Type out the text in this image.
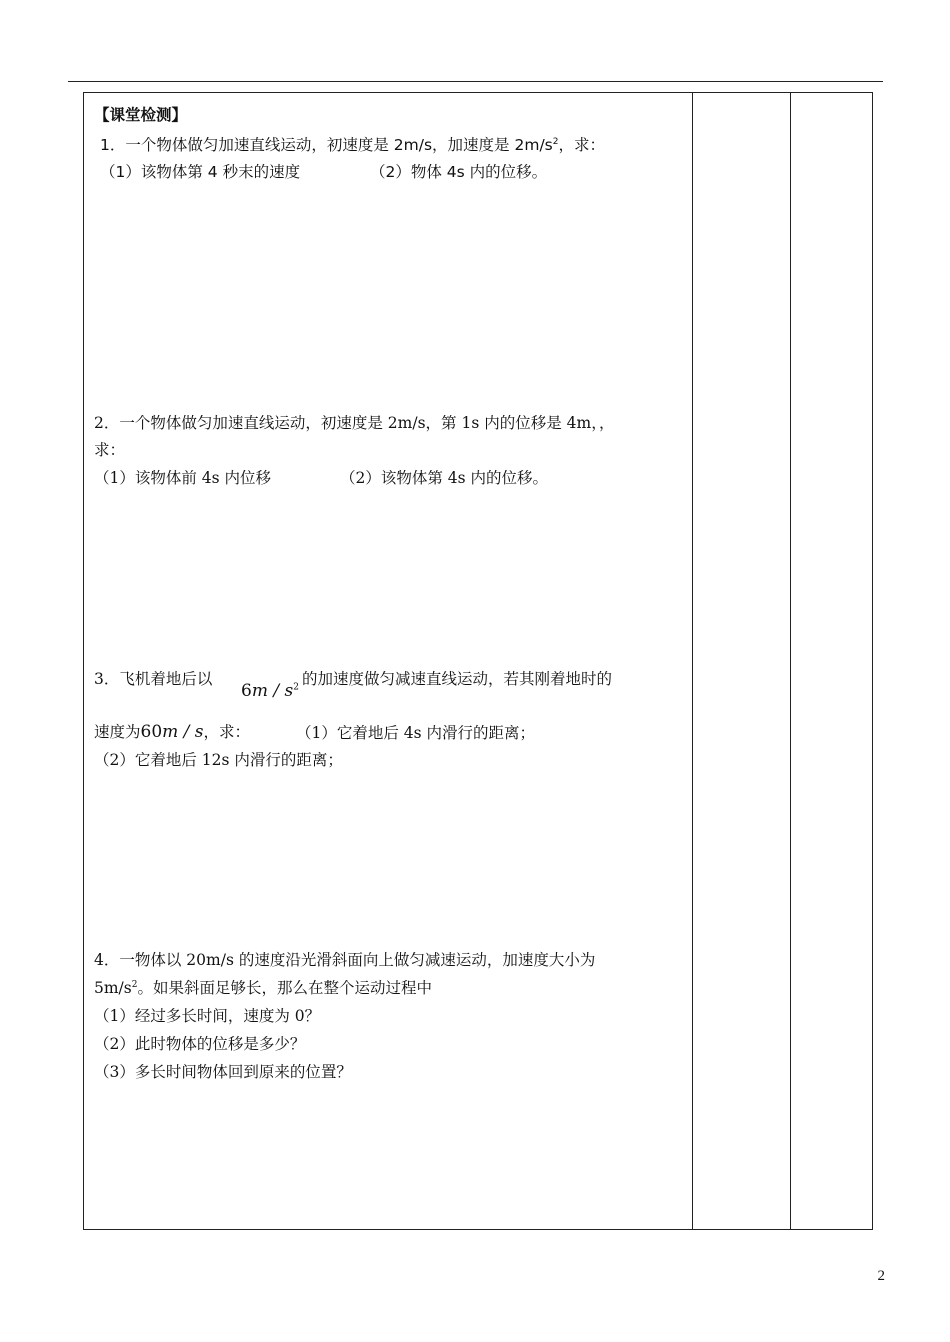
【课堂检测】
1．一个物体做匀加速直线运动，初速度是 2m/s，加速度是 $2m/s^2$，求：
（1）该物体第 4 秒末的速度	（2）物体 4s 内的位移。
2．一个物体做匀加速直线运动，初速度是 2m/s，第 1s 内的位移是 4m，，
求：
（1）该物体前 4s 内位移	（2）该物体第 4s 内的位移。
3．飞机着地后以
$6m / s^2$ 的加速度做匀减速直线运动，若其刚着地时的
速度为60m / s，求：	（1）它着地后 4s 内滑行的距离；
（2）它着地后 12s 内滑行的距离；
4．一物体以 20m/s 的速度沿光滑斜面向上做匀减速运动，加速度大小为
$5m/s^2$。如果斜面足够长，那么在整个运动过程中
（1）经过多长时间，速度为 0？
（2）此时物体的位移是多少？
（3）多长时间物体回到原来的位置？
2
